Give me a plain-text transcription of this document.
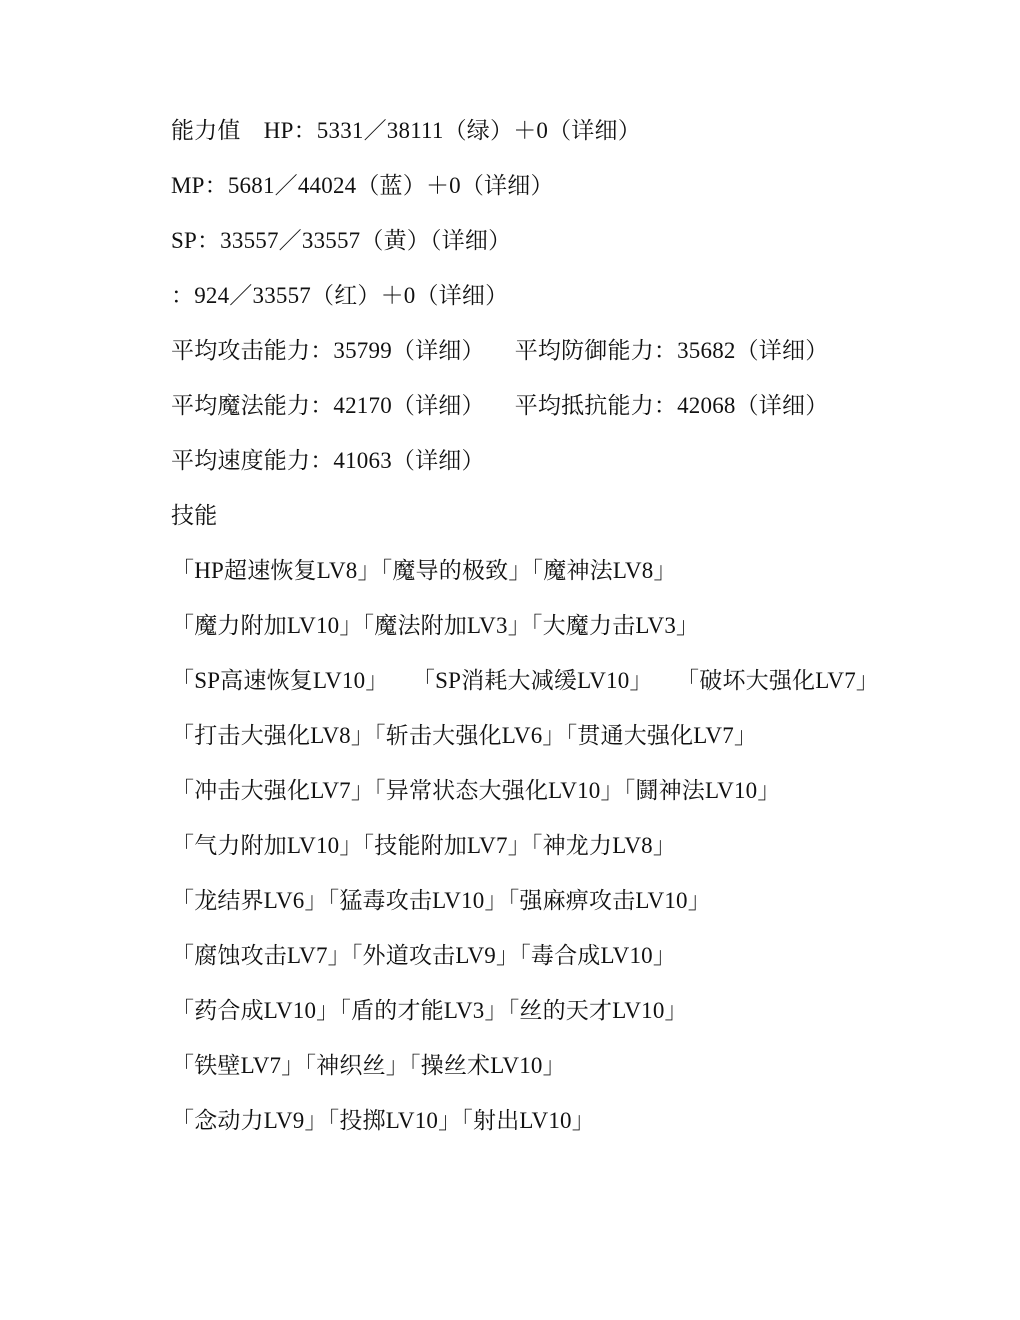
能力值　HP：5331／38111（绿）＋0（详细）

MP：5681／44024（蓝）＋0（详细）

SP：33557／33557（黄）（详细）

：924／33557（红）＋0（详细）

平均攻击能力：35799（详细） 平均防御能力：35682（详细）

平均魔法能力：42170（详细） 平均抵抗能力：42068（详细）

平均速度能力：41063（详细）

技能

「HP超速恢复LV8」「魔导的极致」「魔神法LV8」

「魔力附加LV10」「魔法附加LV3」「大魔力击LV3」

「SP高速恢复LV10」　　「SP消耗大减缓LV10」　　「破坏大强化LV7」

「打击大强化LV8」「斩击大强化LV6」「贯通大强化LV7」

「冲击大强化LV7」「异常状态大强化LV10」「鬪神法LV10」

「气力附加LV10」「技能附加LV7」「神龙力LV8」

「龙结界LV6」「猛毒攻击LV10」「强麻痹攻击LV10」

「腐蚀攻击LV7」「外道攻击LV9」「毒合成LV10」

「药合成LV10」「盾的才能LV3」「丝的天才LV10」

「铁壁LV7」「神织丝」「操丝术LV10」

「念动力LV9」「投掷LV10」「射出LV10」
